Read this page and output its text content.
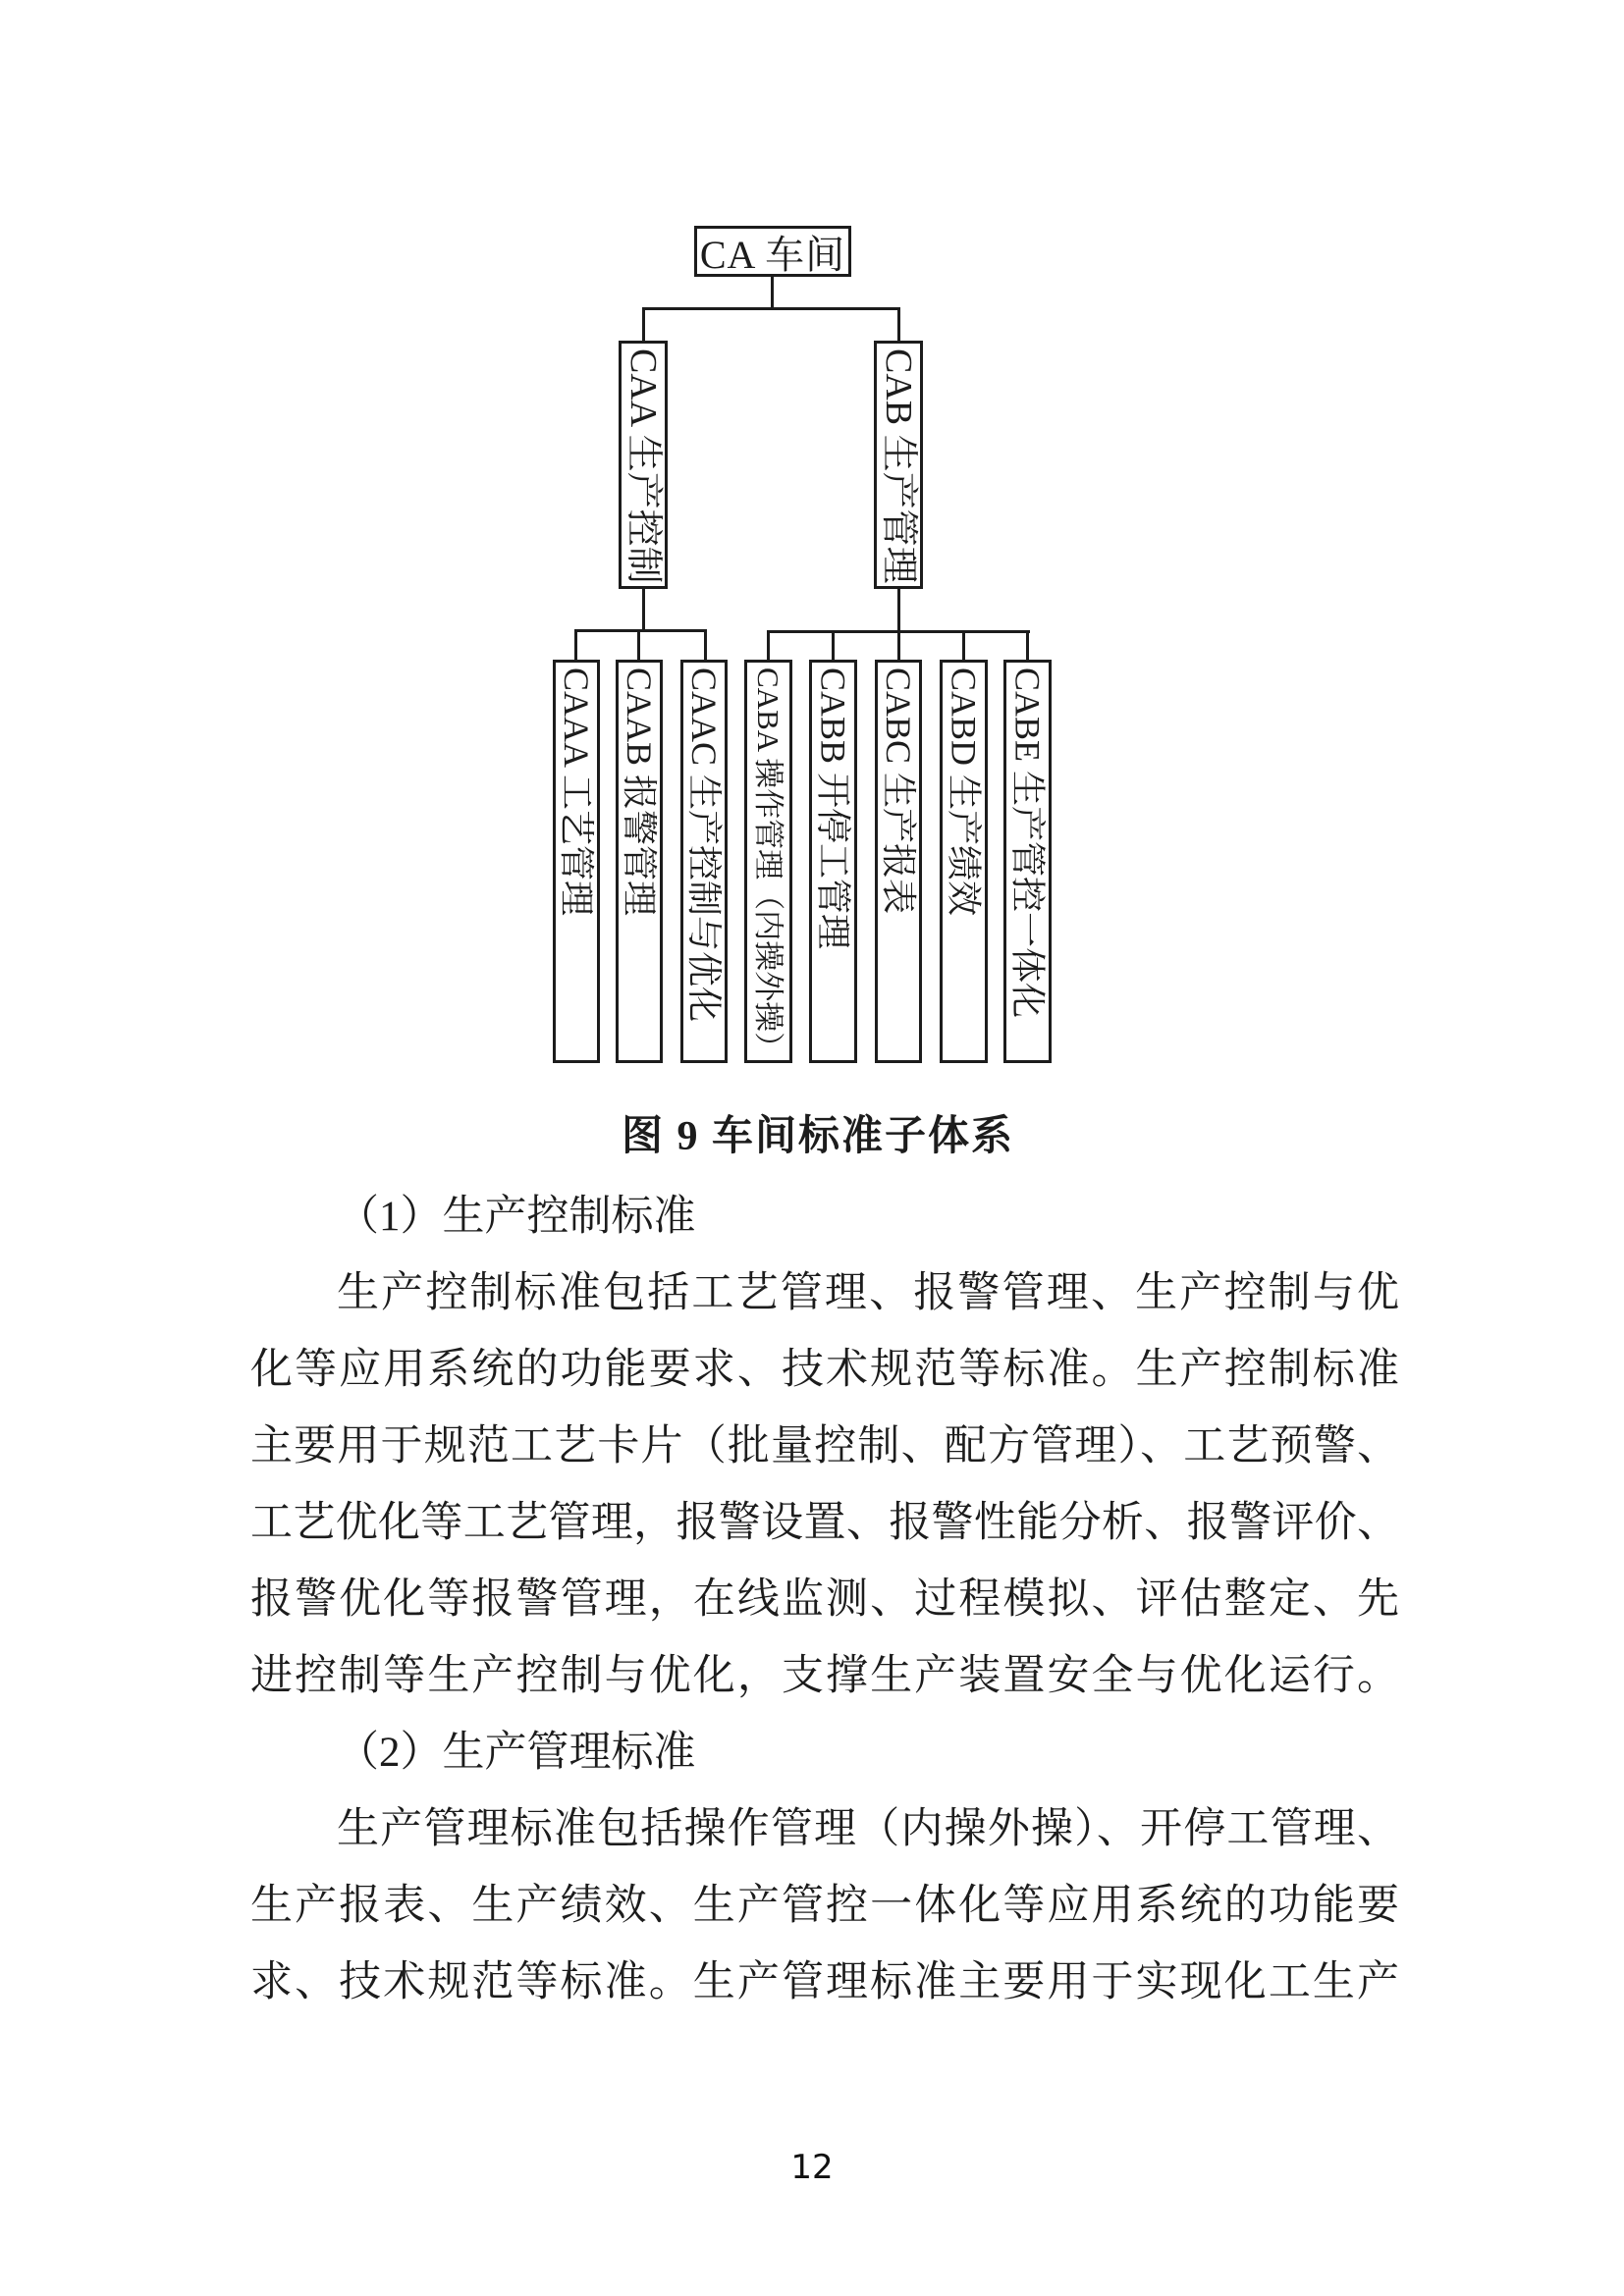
CA 车间
CAA 生产控制	CAB 生产管理
CAAA 工艺管理 CAAB 报警管理 CAAC 生产控制与优化 CABA 操作管理（内操外操） CABB 开停工管理 CABC 生产报表 CABD 生产绩效 CABE 生产管控一体化
图 9 车间标准子体系
（1）生产控制标准
生产控制标准包括工艺管理、报警管理、生产控制与优
化等应用系统的功能要求、技术规范等标准。生产控制标准
主要用于规范工艺卡片（批量控制、配方管理）、工艺预警、
工艺优化等工艺管理，报警设置、报警性能分析、报警评价、
报警优化等报警管理，在线监测、过程模拟、评估整定、先
进控制等生产控制与优化，支撑生产装置安全与优化运行。
（2）生产管理标准
生产管理标准包括操作管理（内操外操）、开停工管理、
生产报表、生产绩效、生产管控一体化等应用系统的功能要
求、技术规范等标准。生产管理标准主要用于实现化工生产
12
